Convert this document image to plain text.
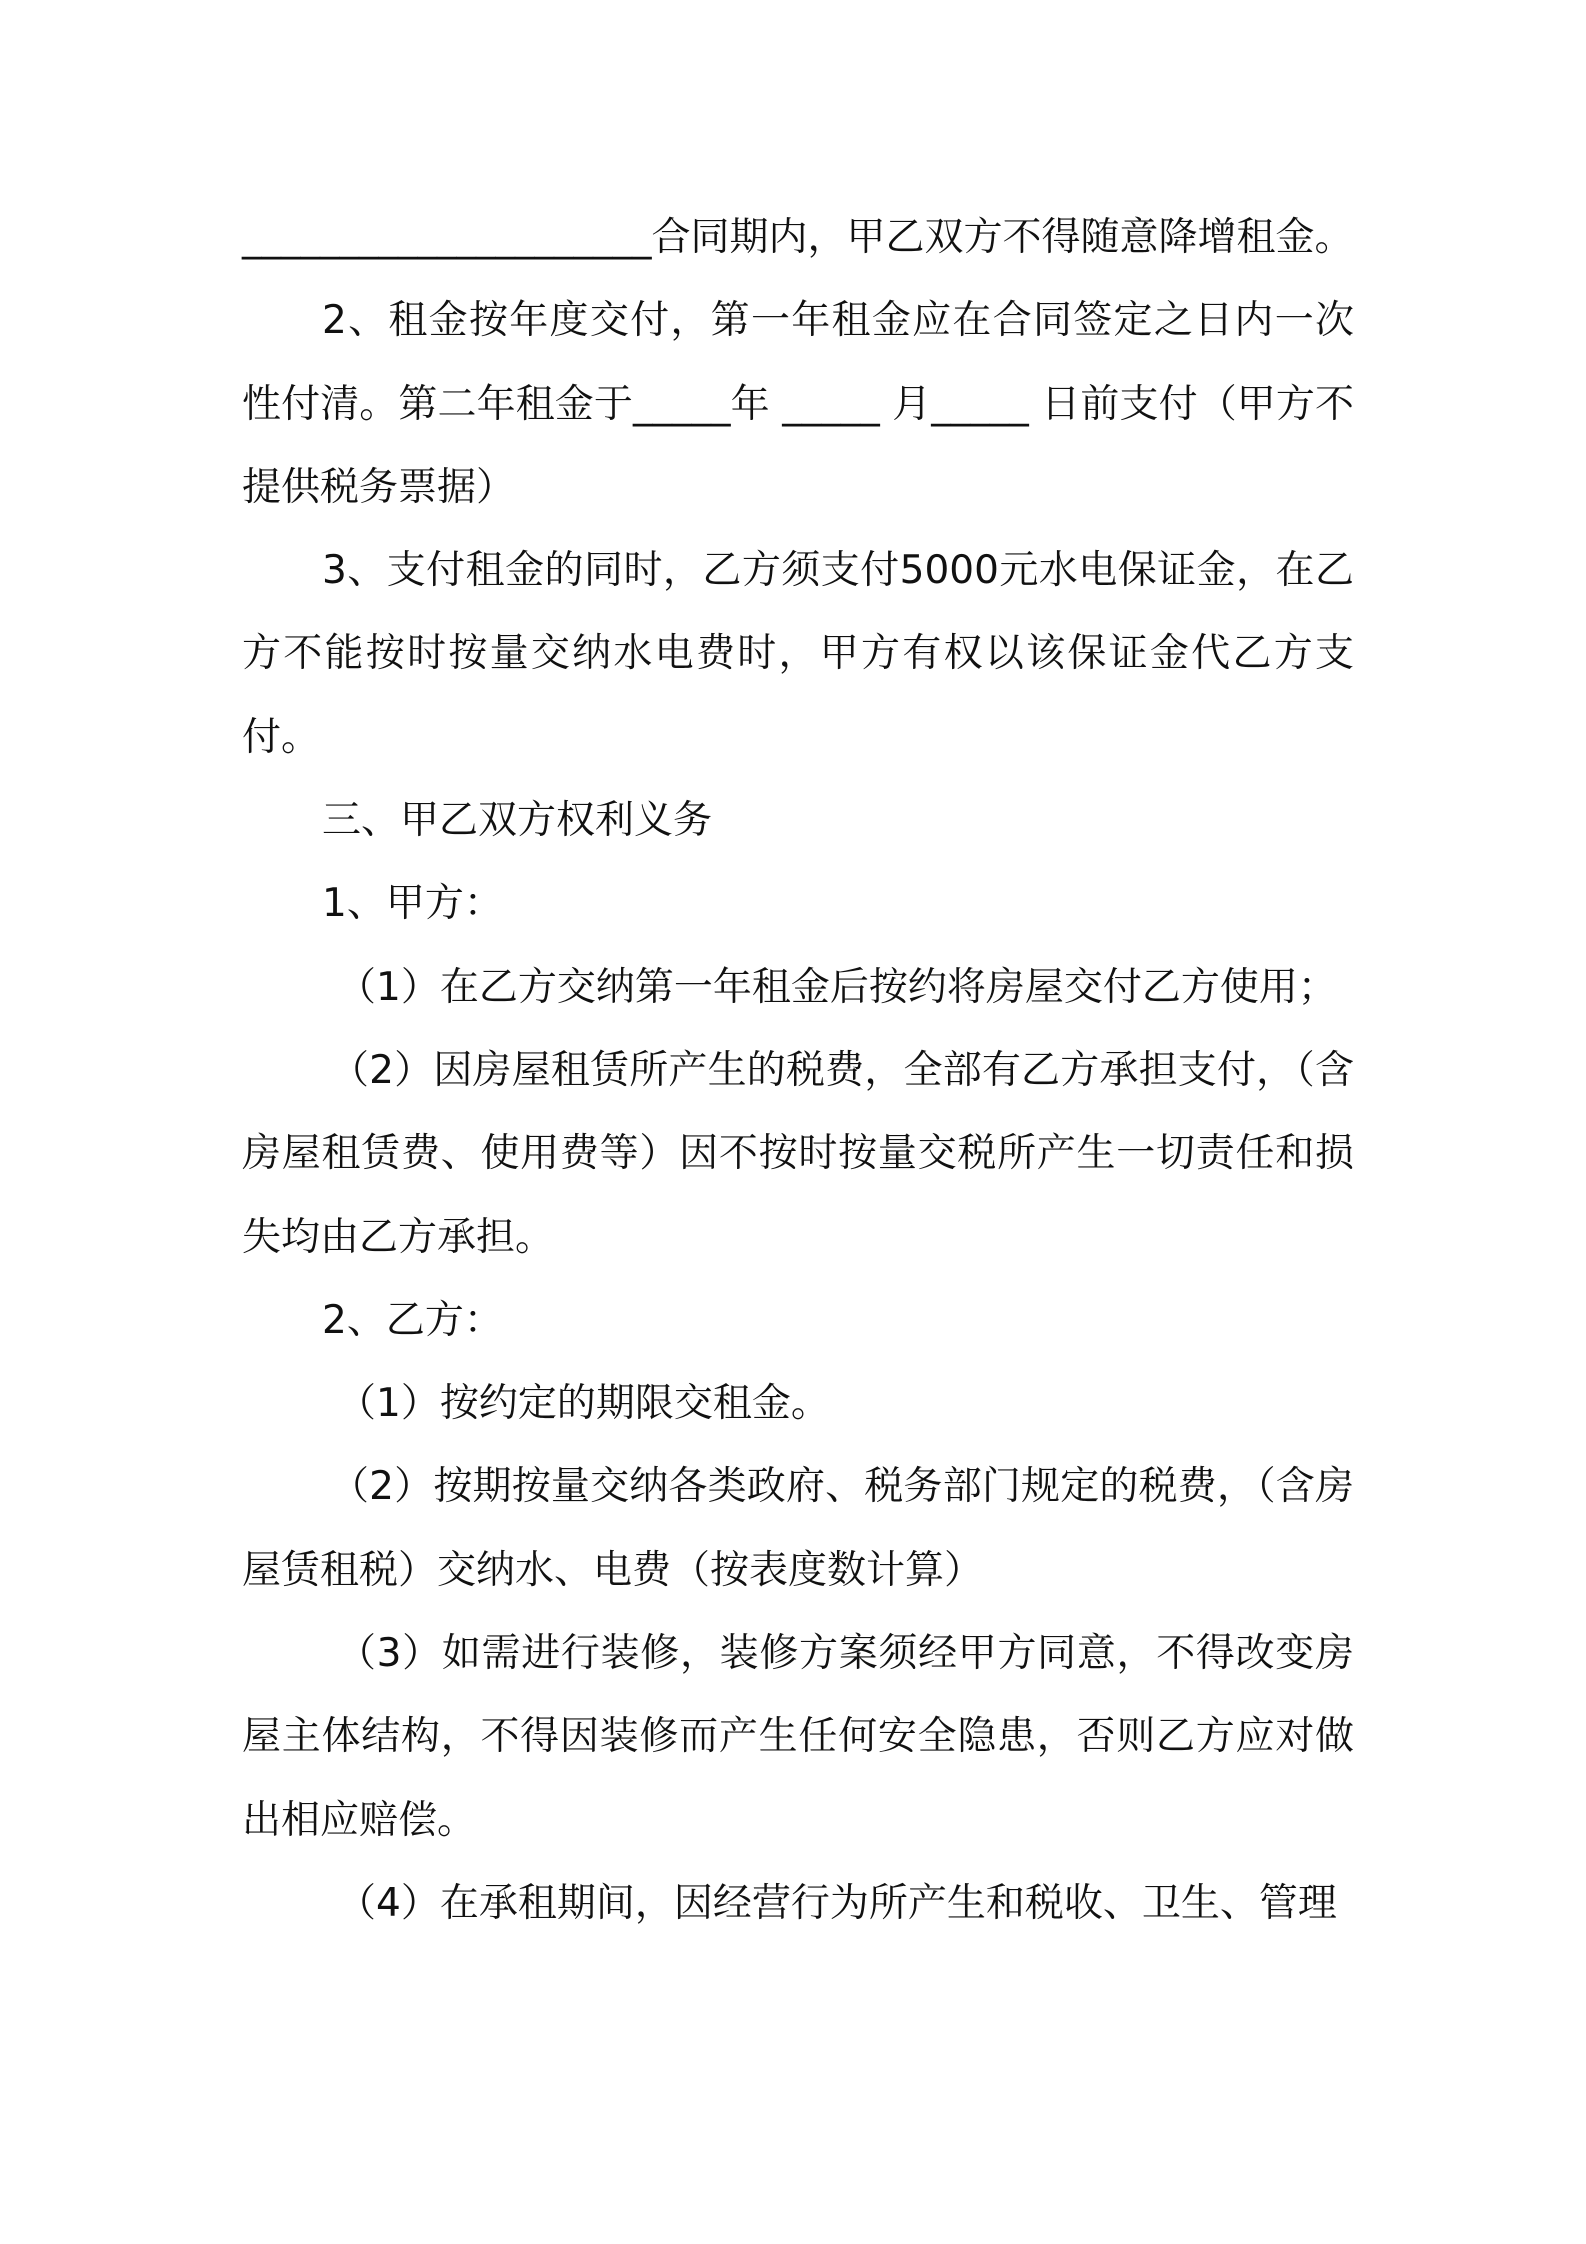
_____________________合同期内，甲乙双方不得随意降增租金。

2、租金按年度交付，第一年租金应在合同签定之日内一次性付清。第二年租金于_____年 _____ 月_____ 日前支付（甲方不提供税务票据）

3、支付租金的同时，乙方须支付5000元水电保证金，在乙方不能按时按量交纳水电费时，甲方有权以该保证金代乙方支付。

三、甲乙双方权利义务

1、甲方：

（1）在乙方交纳第一年租金后按约将房屋交付乙方使用；

（2）因房屋租赁所产生的税费，全部有乙方承担支付，（含房屋租赁费、使用费等）因不按时按量交税所产生一切责任和损失均由乙方承担。

2、乙方：

（1）按约定的期限交租金。

（2）按期按量交纳各类政府、税务部门规定的税费，（含房屋赁租税）交纳水、电费（按表度数计算）

（3）如需进行装修，装修方案须经甲方同意，不得改变房屋主体结构，不得因装修而产生任何安全隐患，否则乙方应对做出相应赔偿。

（4）在承租期间，因经营行为所产生和税收、卫生、管理
